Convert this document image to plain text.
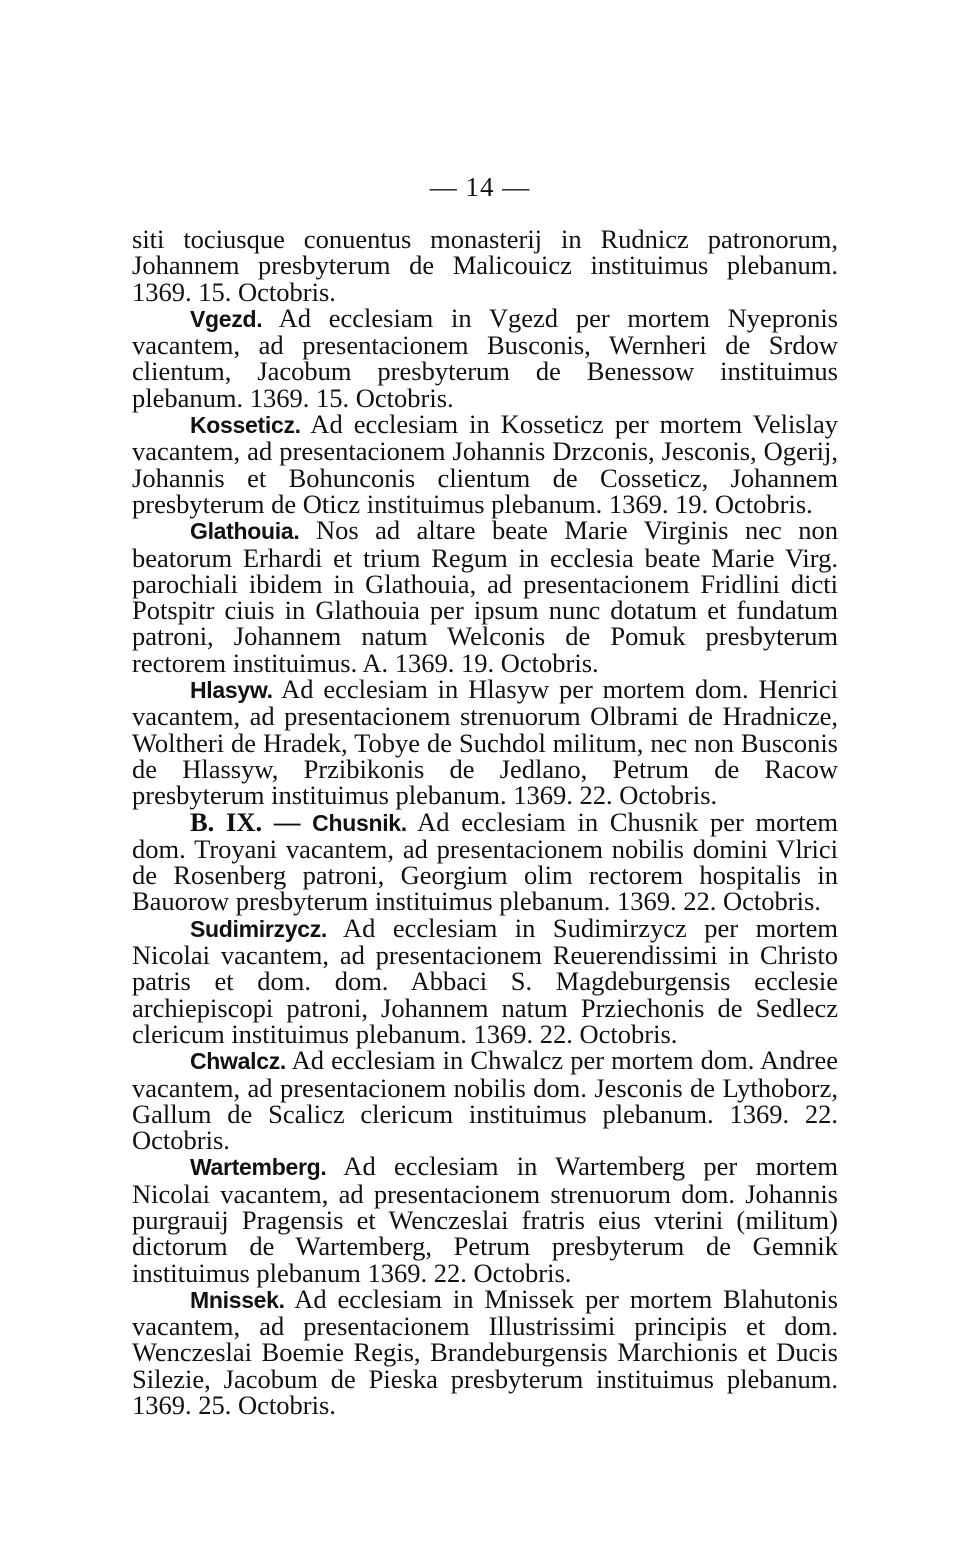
— 14 —

siti tociusque conuentus monasterij in Rudnicz patronorum, Johannem presbyterum de Malicouicz instituimus plebanum. 1369. 15. Octobris.

Vgezd. Ad ecclesiam in Vgezd per mortem Nyepronis vacantem, ad presentacionem Busconis, Wernheri de Srdow clientum, Jacobum presbyterum de Benessow instituimus plebanum. 1369. 15. Octobris.

Kosseticz. Ad ecclesiam in Kosseticz per mortem Velislay vacantem, ad presentacionem Johannis Drzconis, Jesconis, Ogerij, Johannis et Bohunconis clientum de Cosseticz, Johannem presbyterum de Oticz instituimus plebanum. 1369. 19. Octobris.

Glathouia. Nos ad altare beate Marie Virginis nec non beatorum Erhardi et trium Regum in ecclesia beate Marie Virg. parochiali ibidem in Glathouia, ad presentacionem Fridlini dicti Potspitr ciuis in Glathouia per ipsum nunc dotatum et fundatum patroni, Johannem natum Welconis de Pomuk presbyterum rectorem instituimus. A. 1369. 19. Octobris.

Hlasyw. Ad ecclesiam in Hlasyw per mortem dom. Henrici vacantem, ad presentacionem strenuorum Olbrami de Hradnicze, Woltheri de Hradek, Tobye de Suchdol militum, nec non Busconis de Hlassyw, Przibikonis de Jedlano, Petrum de Racow presbyterum instituimus plebanum. 1369. 22. Octobris.

B. IX. — Chusnik. Ad ecclesiam in Chusnik per mortem dom. Troyani vacantem, ad presentacionem nobilis domini Vlrici de Rosenberg patroni, Georgium olim rectorem hospitalis in Bauorow presbyterum instituimus plebanum. 1369. 22. Octobris.

Sudimirzycz. Ad ecclesiam in Sudimirzycz per mortem Nicolai vacantem, ad presentacionem Reuerendissimi in Christo patris et dom. dom. Abbaci S. Magdeburgensis ecclesie archiepiscopi patroni, Johannem natum Prziechonis de Sedlecz clericum instituimus plebanum. 1369. 22. Octobris.

Chwalcz. Ad ecclesiam in Chwalcz per mortem dom. Andree vacantem, ad presentacionem nobilis dom. Jesconis de Lythoborz, Gallum de Scalicz clericum instituimus plebanum. 1369. 22. Octobris.

Wartemberg. Ad ecclesiam in Wartemberg per mortem Nicolai vacantem, ad presentacionem strenuorum dom. Johannis purgrauij Pragensis et Wenczeslai fratris eius vterini (militum) dictorum de Wartemberg, Petrum presbyterum de Gemnik instituimus plebanum 1369. 22. Octobris.

Mnissek. Ad ecclesiam in Mnissek per mortem Blahutonis vacantem, ad presentacionem Illustrissimi principis et dom. Wenczeslai Boemie Regis, Brandeburgensis Marchionis et Ducis Silezie, Jacobum de Pieska presbyterum instituimus plebanum. 1369. 25. Octobris.
